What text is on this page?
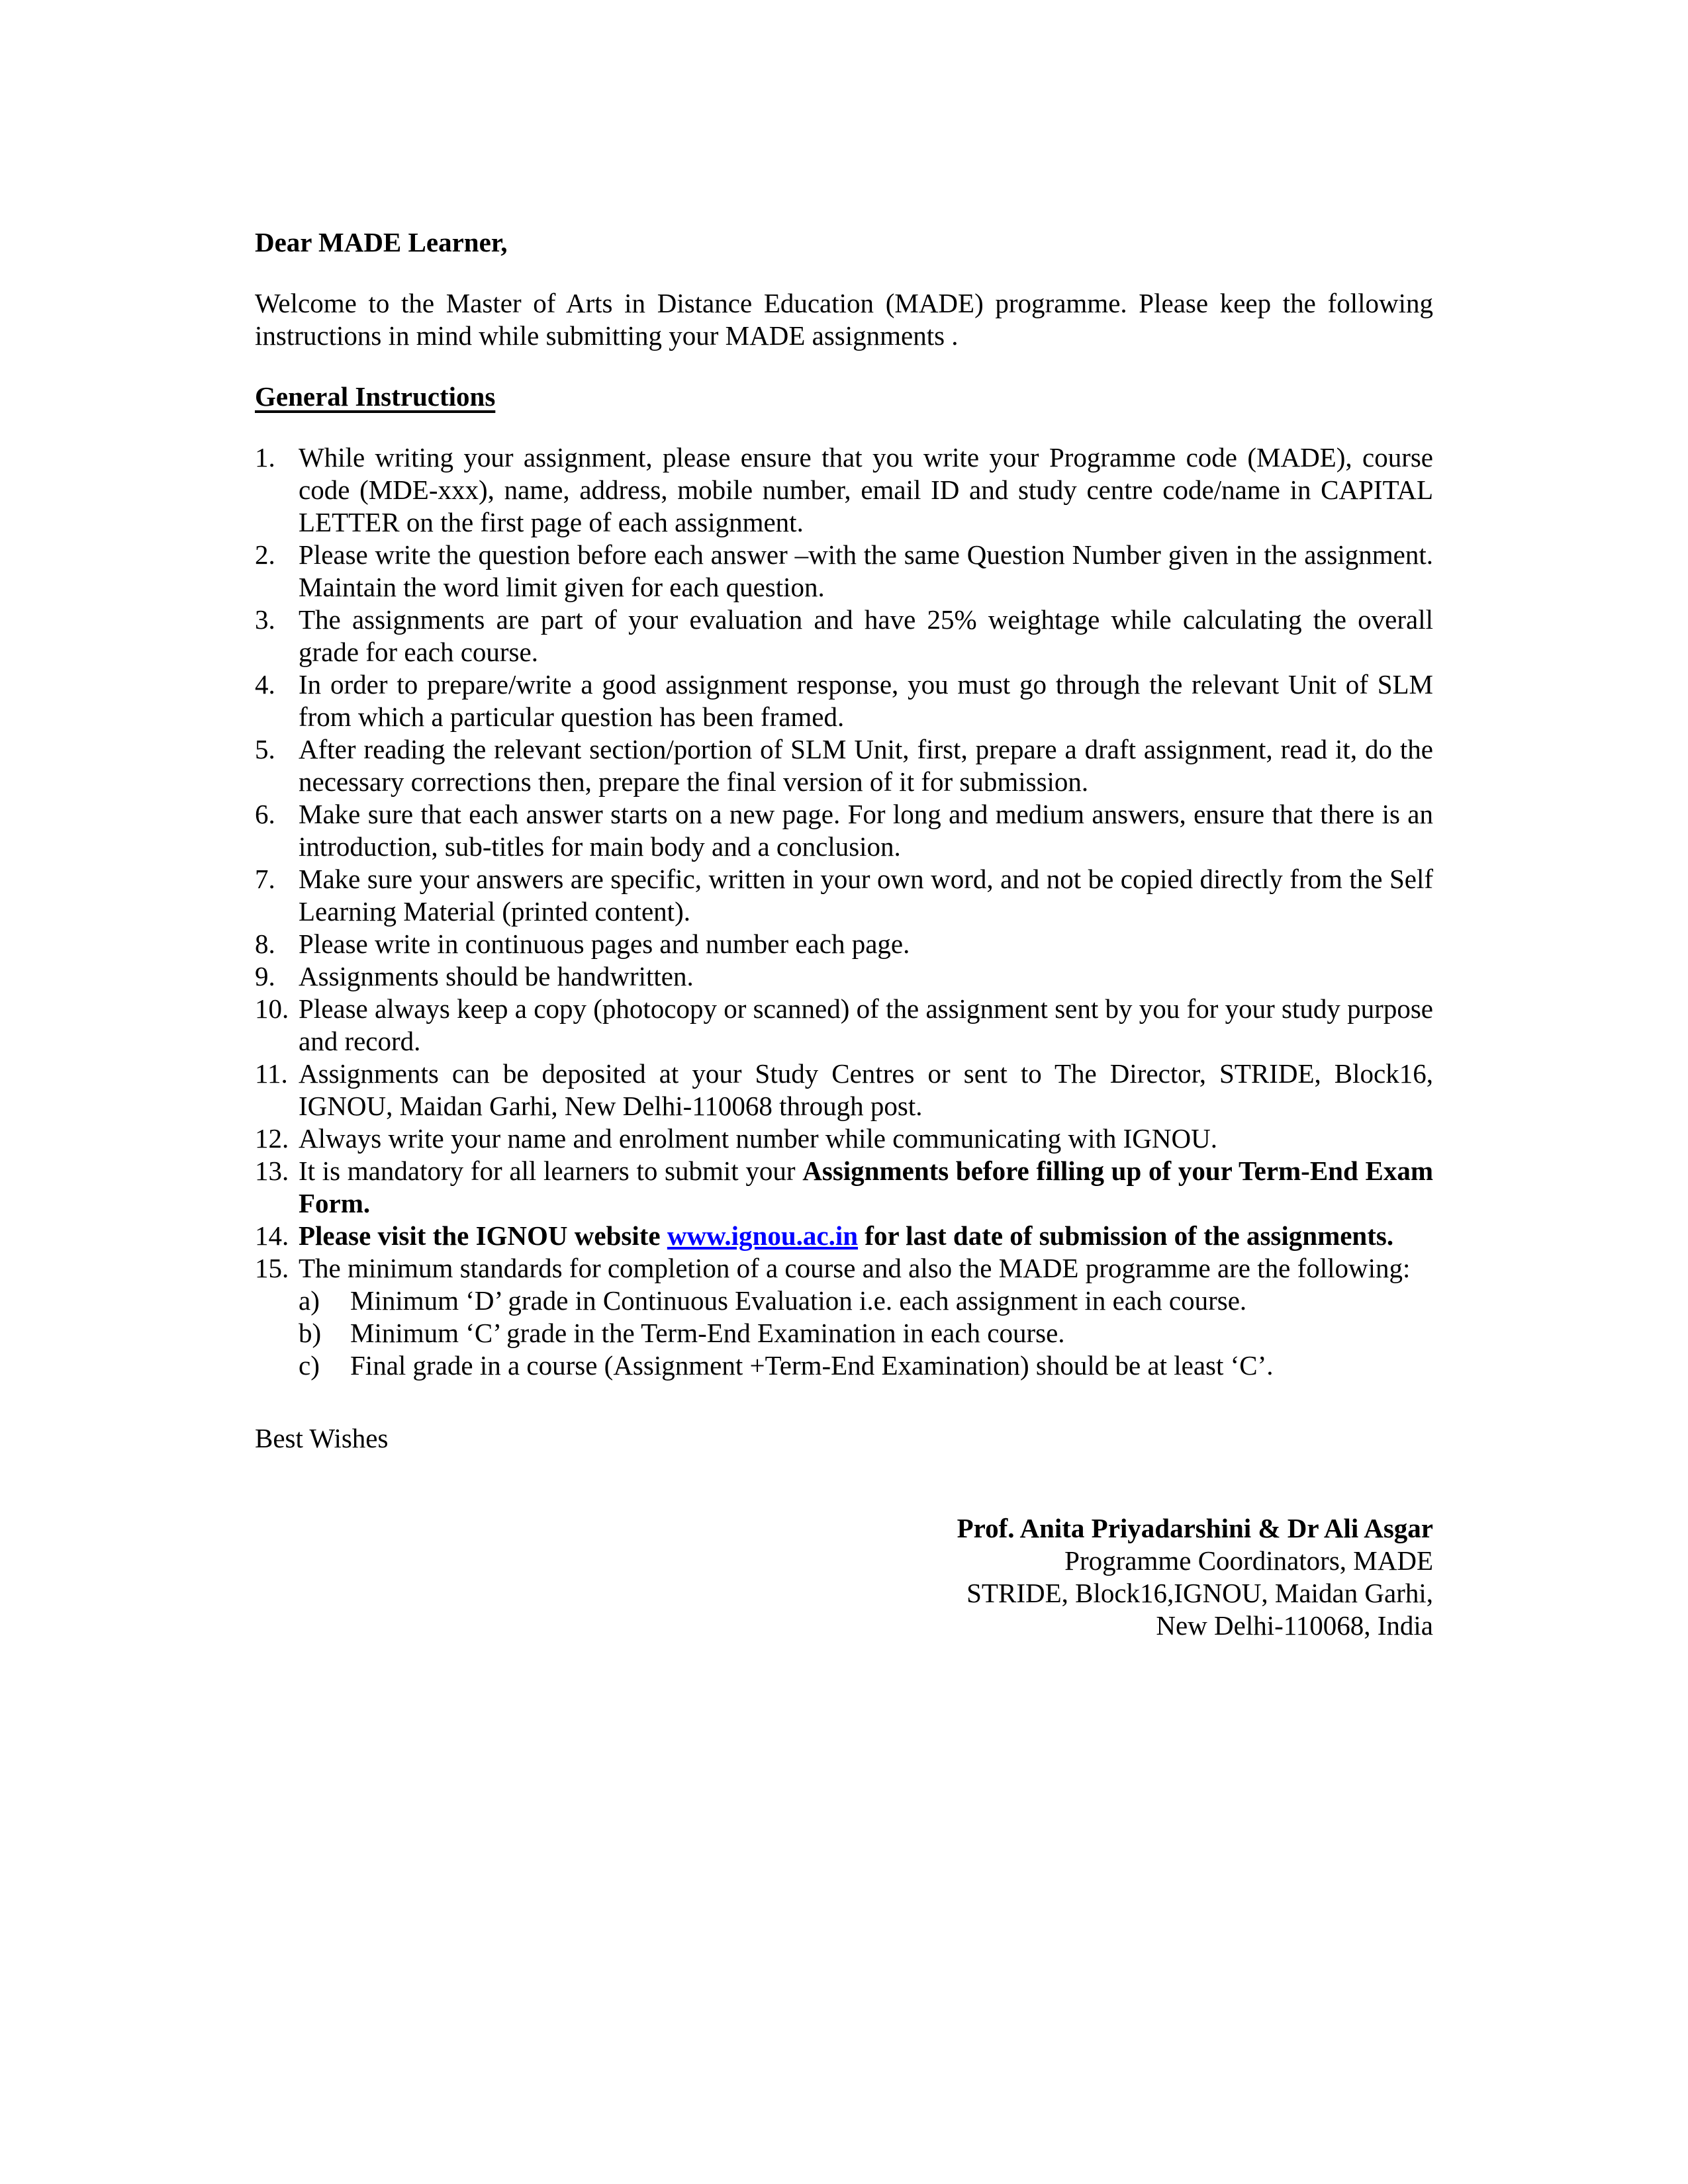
Dear MADE Learner,

Welcome to the Master of Arts in Distance Education (MADE) programme. Please keep the following instructions in mind while submitting your MADE assignments .

General Instructions

1. While writing your assignment, please ensure that you write your Programme code (MADE), course code (MDE-xxx), name, address, mobile number, email ID and study centre code/name in CAPITAL LETTER on the first page of each assignment.
2. Please write the question before each answer –with the same Question Number given in the assignment. Maintain the word limit given for each question.
3. The assignments are part of your evaluation and have 25% weightage while calculating the overall grade for each course.
4. In order to prepare/write a good assignment response, you must go through the relevant Unit of SLM from which a particular question has been framed.
5. After reading the relevant section/portion of SLM Unit, first, prepare a draft assignment, read it, do the necessary corrections then, prepare the final version of it for submission.
6. Make sure that each answer starts on a new page. For long and medium answers, ensure that there is an introduction, sub-titles for main body and a conclusion.
7. Make sure your answers are specific, written in your own word, and not be copied directly from the Self Learning Material (printed content).
8. Please write in continuous pages and number each page.
9. Assignments should be handwritten.
10. Please always keep a copy (photocopy or scanned) of the assignment sent by you for your study purpose and record.
11. Assignments can be deposited at your Study Centres or sent to The Director, STRIDE, Block16, IGNOU, Maidan Garhi, New Delhi-110068 through post.
12. Always write your name and enrolment number while communicating with IGNOU.
13. It is mandatory for all learners to submit your Assignments before filling up of your Term-End Exam Form.
14. Please visit the IGNOU website www.ignou.ac.in for last date of submission of the assignments.
15. The minimum standards for completion of a course and also the MADE programme are the following:
a)	Minimum ‘D’ grade in Continuous Evaluation i.e. each assignment in each course.
b)	Minimum ‘C’ grade in the Term-End Examination in each course.
c)	Final grade in a course (Assignment +Term-End Examination) should be at least ‘C’.

Best Wishes

Prof. Anita Priyadarshini & Dr Ali Asgar
Programme Coordinators, MADE
STRIDE, Block16,IGNOU, Maidan Garhi,
New Delhi-110068, India
